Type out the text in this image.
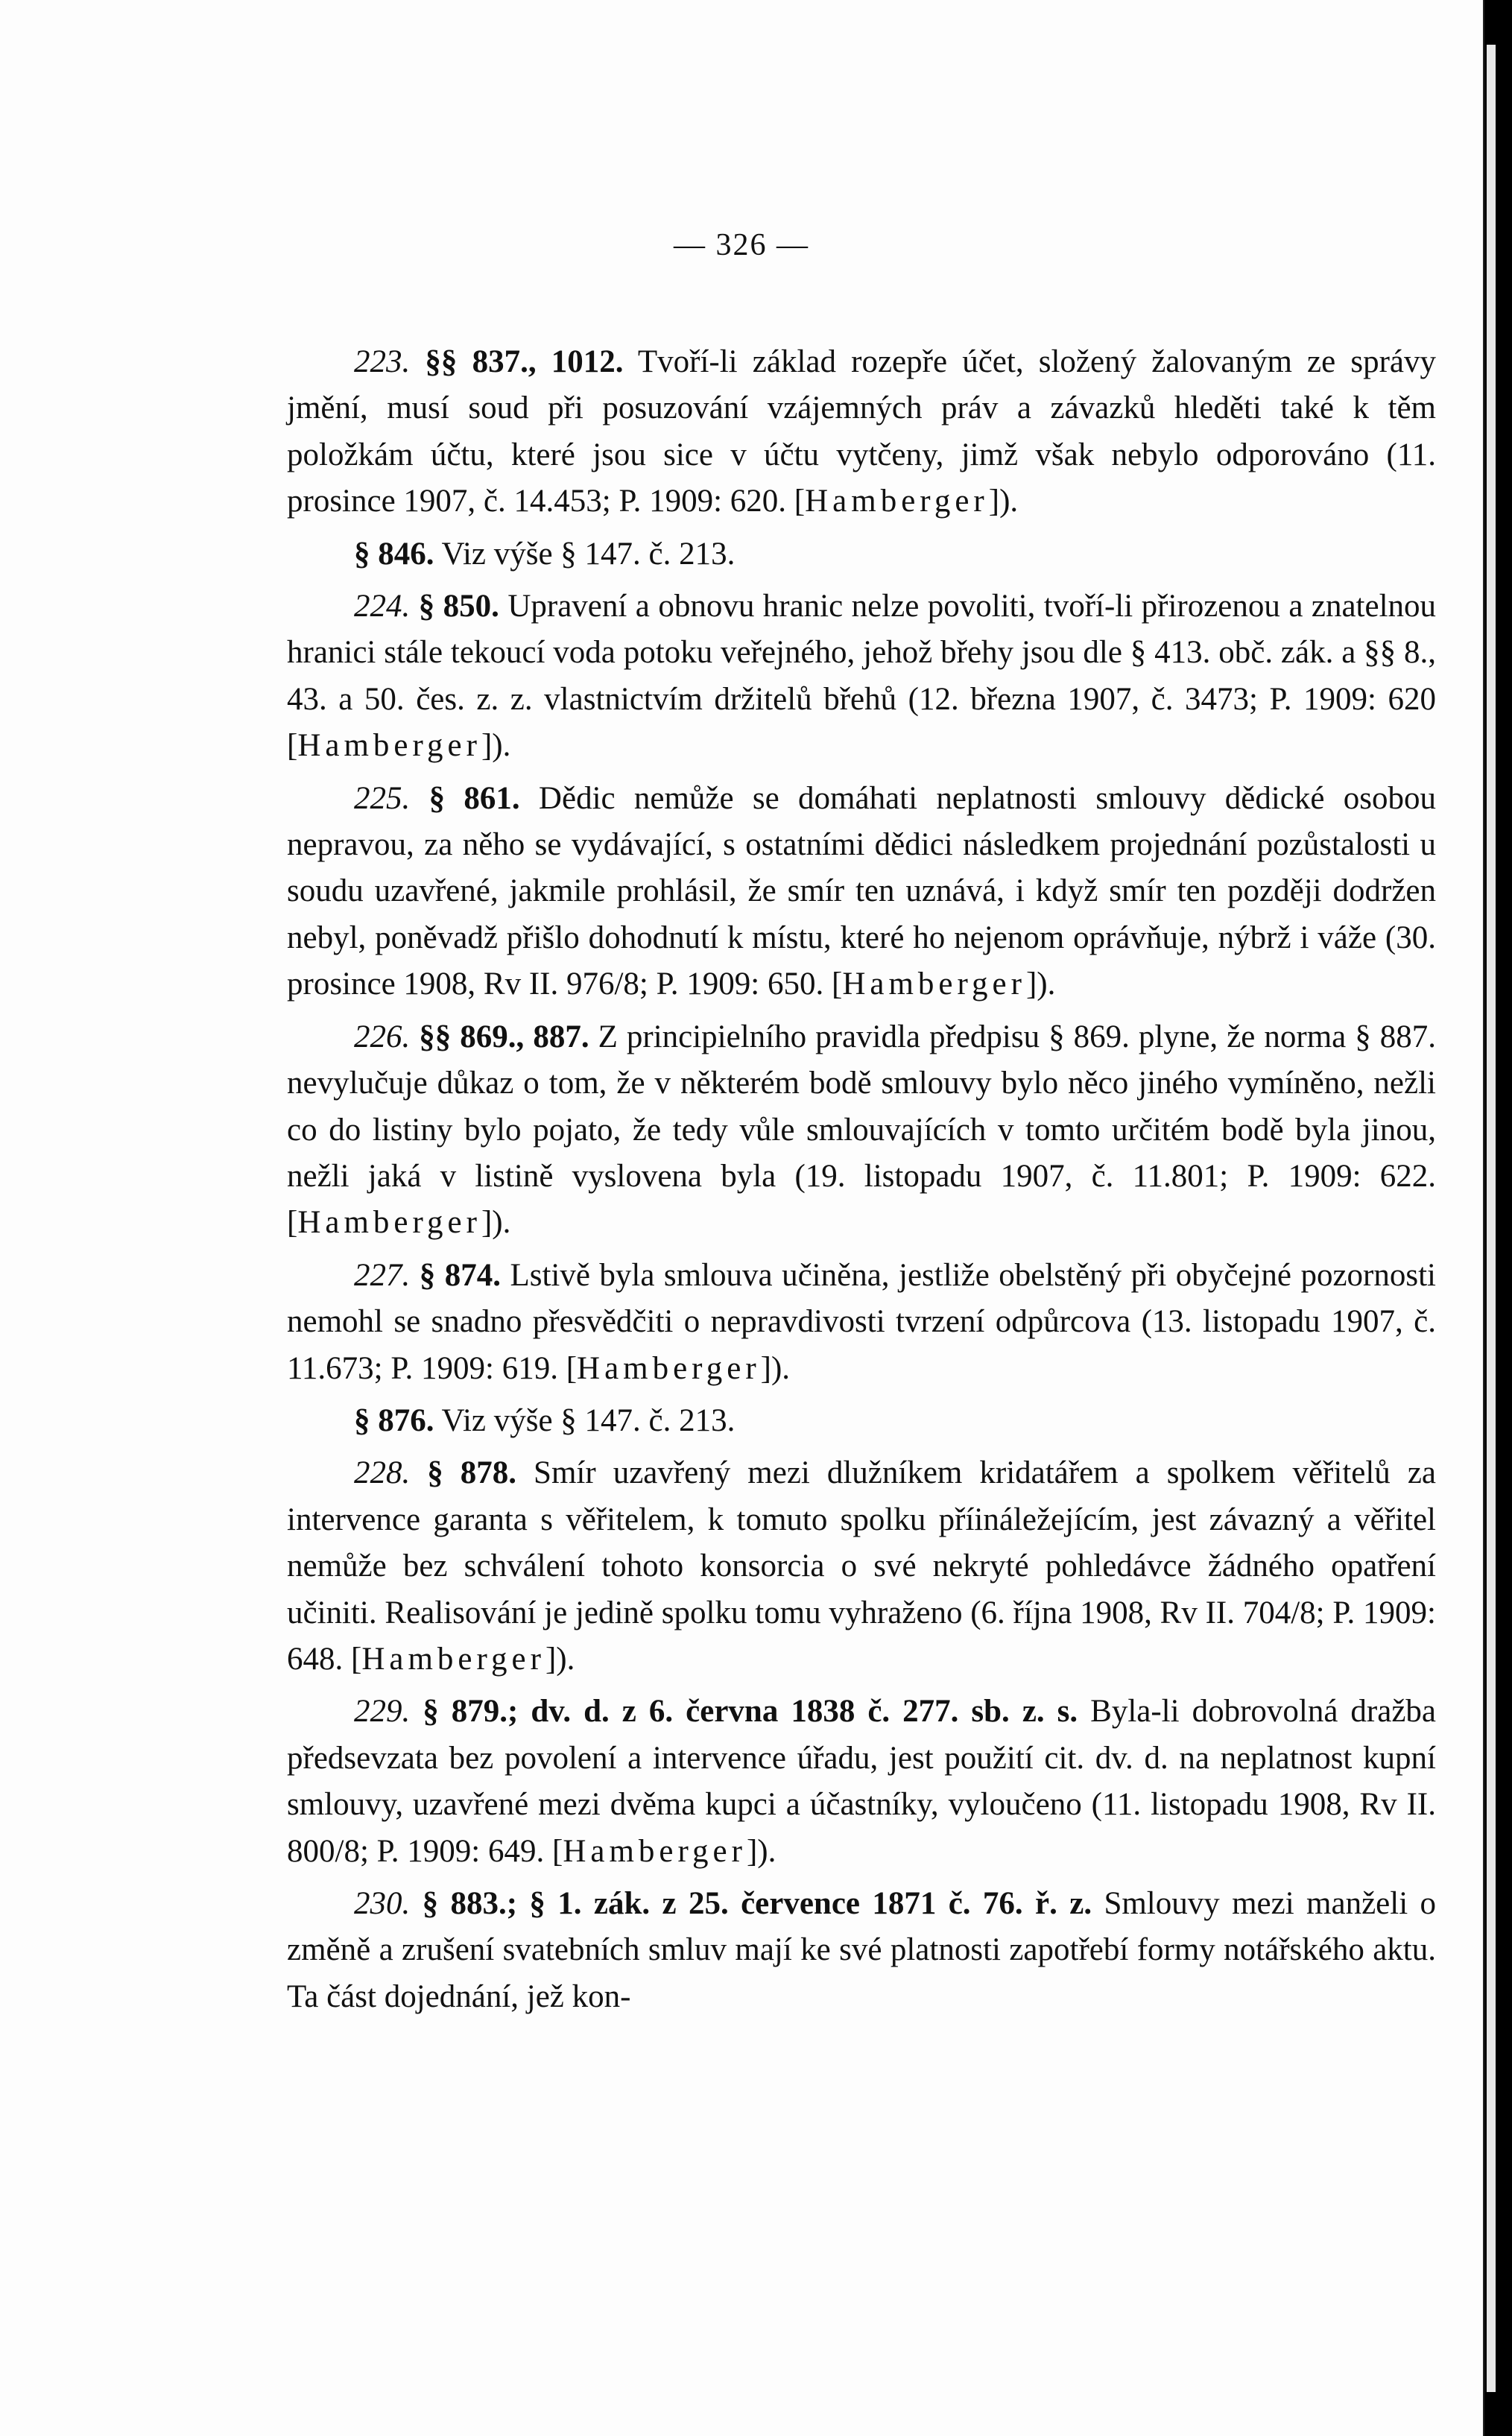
— 326 —

223. §§ 837., 1012. Tvoří-li základ rozepře účet, složený žalovaným ze správy jmění, musí soud při posuzování vzájemných práv a závazků hleděti také k těm položkám účtu, které jsou sice v účtu vytčeny, jimž však nebylo odporováno (11. prosince 1907, č. 14.453; P. 1909: 620. [Hamberger]).

§ 846. Viz výše § 147. č. 213.

224. § 850. Upravení a obnovu hranic nelze povoliti, tvoří-li přirozenou a znatelnou hranici stále tekoucí voda potoku veřejného, jehož břehy jsou dle § 413. obč. zák. a §§ 8., 43. a 50. čes. z. z. vlastnictvím držitelů břehů (12. března 1907, č. 3473; P. 1909: 620 [Hamberger]).

225. § 861. Dědic nemůže se domáhati neplatnosti smlouvy dědické osobou nepravou, za něho se vydávající, s ostatními dědici následkem projednání pozůstalosti u soudu uzavřené, jakmile prohlásil, že smír ten uznává, i když smír ten později dodržen nebyl, poněvadž přišlo dohodnutí k místu, které ho nejenom oprávňuje, nýbrž i váže (30. prosince 1908, Rv II. 976/8; P. 1909: 650. [Hamberger]).

226. §§ 869., 887. Z principielního pravidla předpisu § 869. plyne, že norma § 887. nevylučuje důkaz o tom, že v některém bodě smlouvy bylo něco jiného vymíněno, nežli co do listiny bylo pojato, že tedy vůle smlouvajících v tomto určitém bodě byla jinou, nežli jaká v listině vyslovena byla (19. listopadu 1907, č. 11.801; P. 1909: 622. [Hamberger]).

227. § 874. Lstivě byla smlouva učiněna, jestliže obelstěný při obyčejné pozornosti nemohl se snadno přesvědčiti o nepravdivosti tvrzení odpůrcova (13. listopadu 1907, č. 11.673; P. 1909: 619. [Hamberger]).

§ 876. Viz výše § 147. č. 213.

228. § 878. Smír uzavřený mezi dlužníkem kridatářem a spolkem věřitelů za intervence garanta s věřitelem, k tomuto spolku příináležejícím, jest závazný a věřitel nemůže bez schválení tohoto konsorcia o své nekryté pohledávce žádného opatření učiniti. Realisování je jedině spolku tomu vyhraženo (6. října 1908, Rv II. 704/8; P. 1909: 648. [Hamberger]).

229. § 879.; dv. d. z 6. června 1838 č. 277. sb. z. s. Byla-li dobrovolná dražba předsevzata bez povolení a intervence úřadu, jest použití cit. dv. d. na neplatnost kupní smlouvy, uzavřené mezi dvěma kupci a účastníky, vyloučeno (11. listopadu 1908, Rv II. 800/8; P. 1909: 649. [Hamberger]).

230. § 883.; § 1. zák. z 25. července 1871 č. 76. ř. z. Smlouvy mezi manželi o změně a zrušení svatebních smluv mají ke své platnosti zapotřebí formy notářského aktu. Ta část dojednání, jež kon-
